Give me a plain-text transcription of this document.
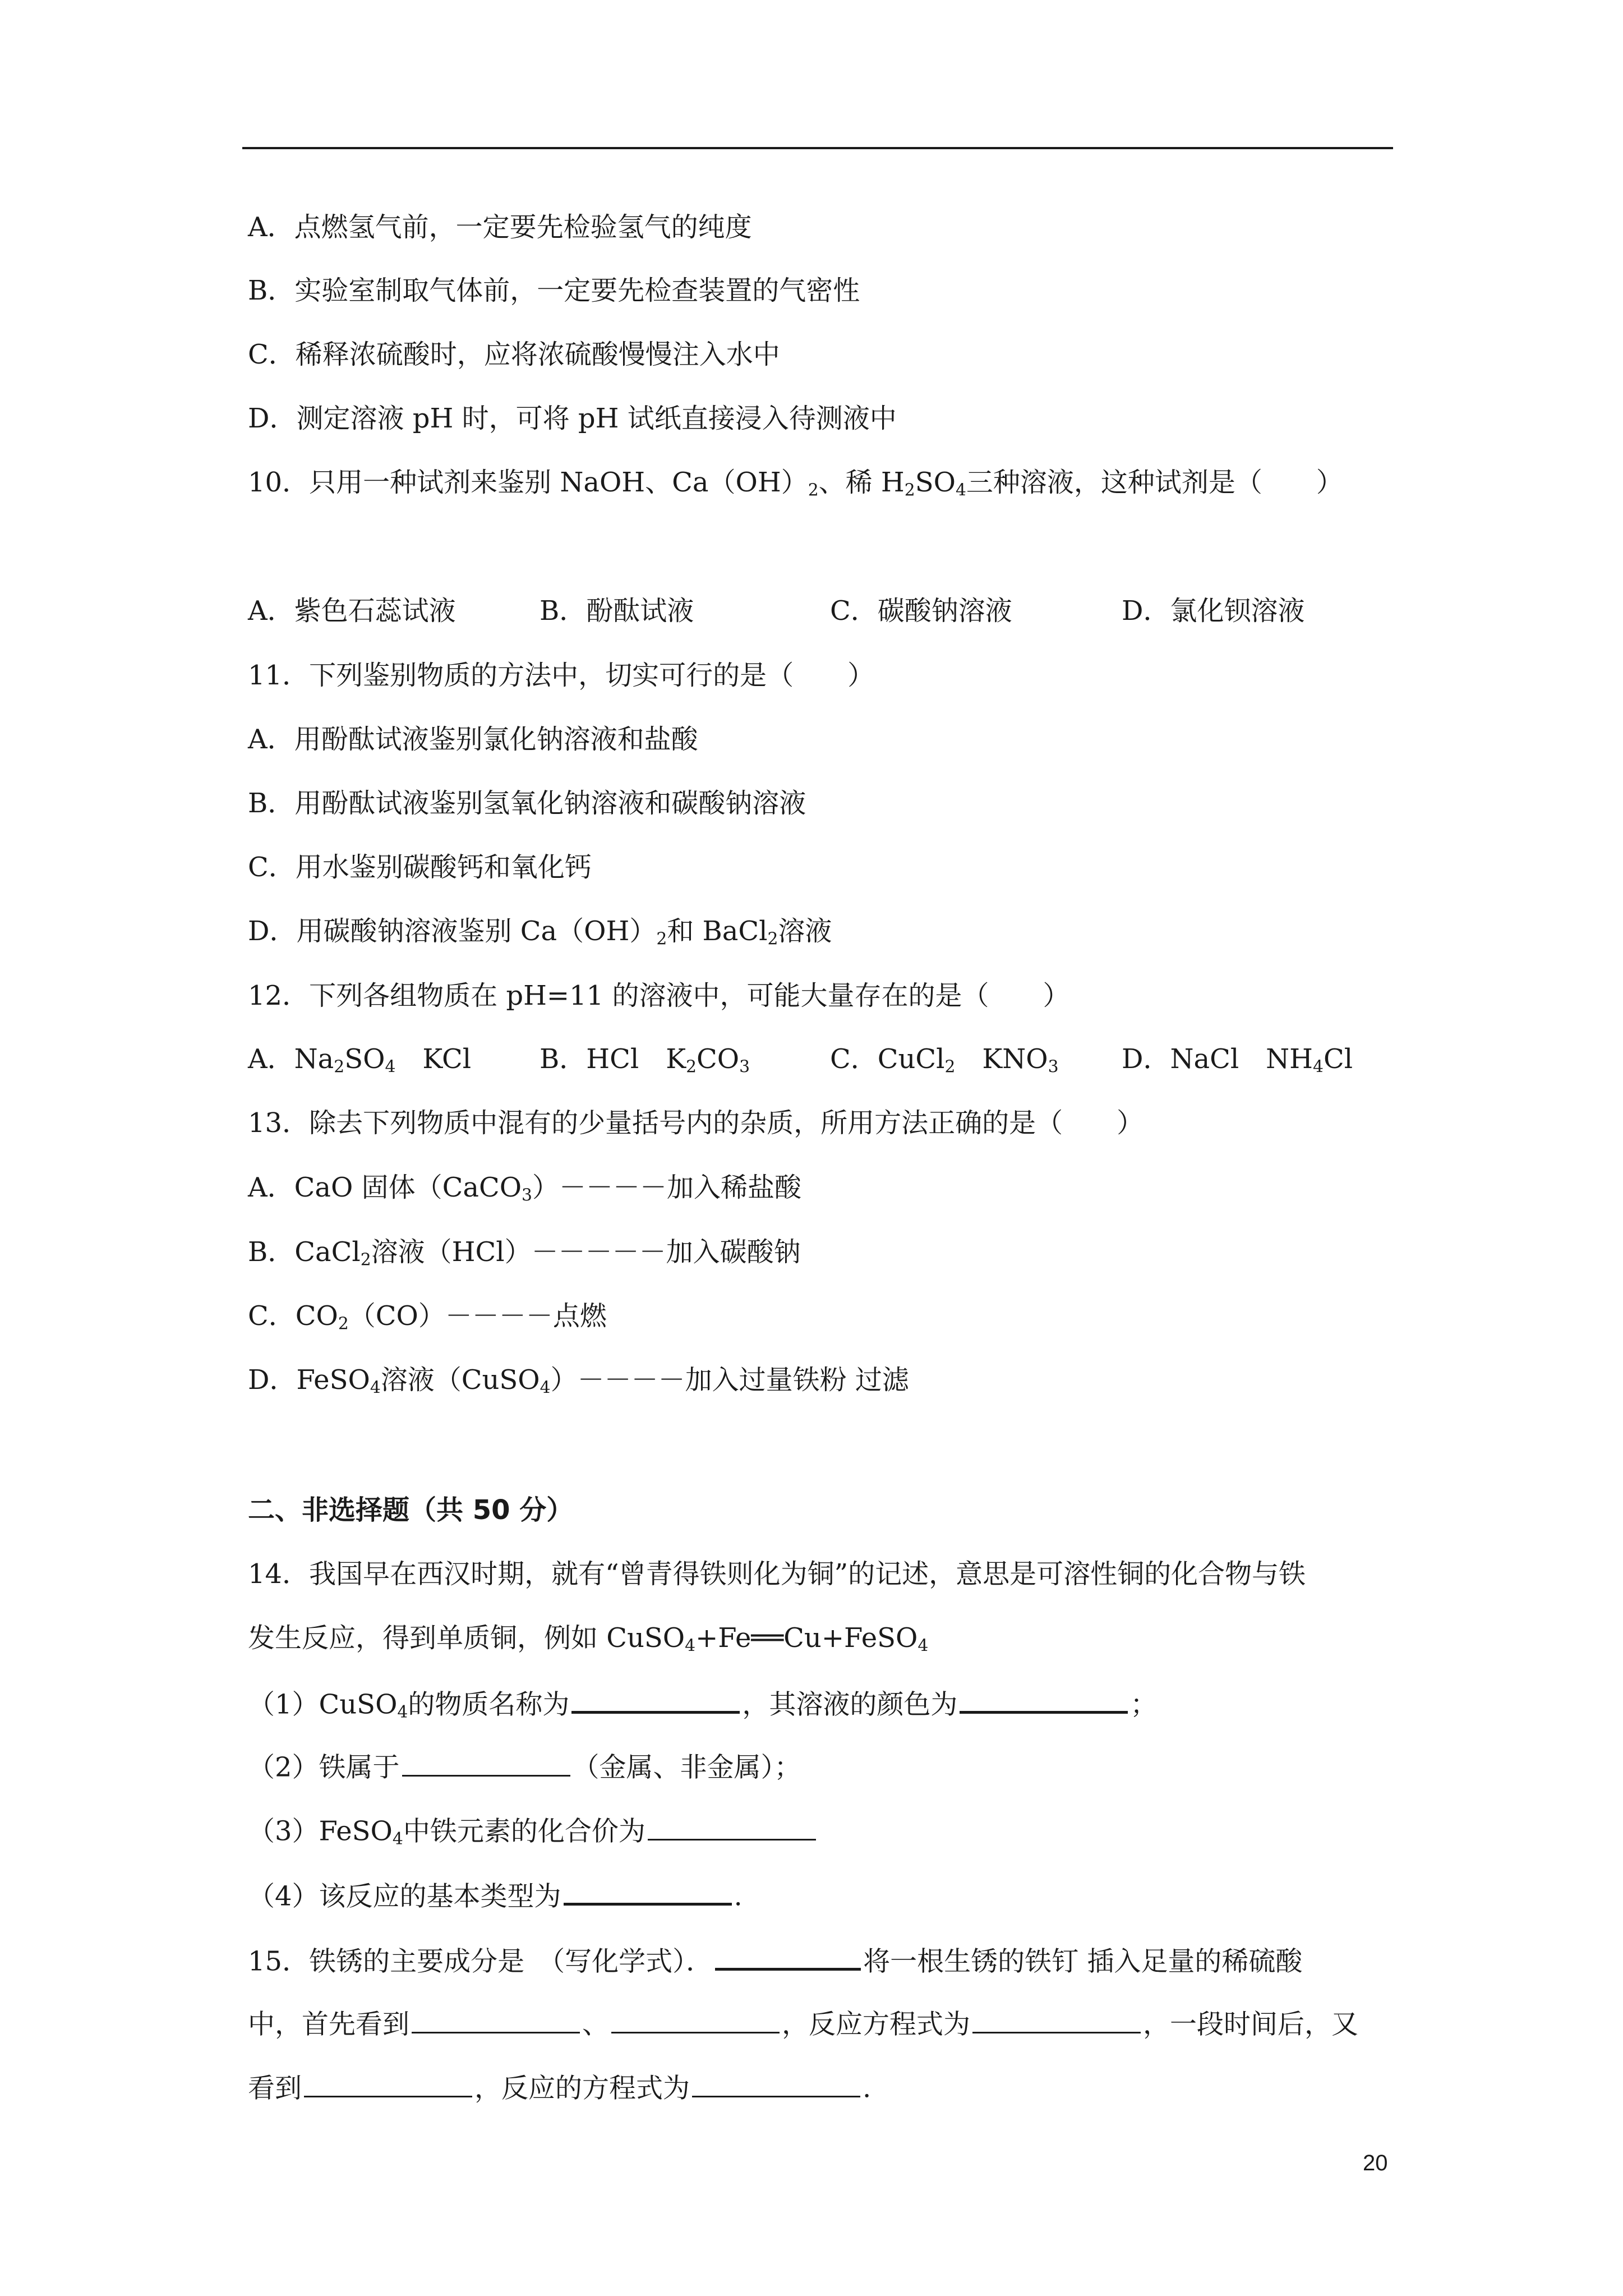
A．点燃氢气前，一定要先检验氢气的纯度
B．实验室制取气体前，一定要先检查装置的气密性
C．稀释浓硫酸时，应将浓硫酸慢慢注入水中
D．测定溶液 pH 时，可将 pH 试纸直接浸入待测液中
10．只用一种试剂来鉴别 NaOH、$Ca(OH)_2$、稀 $H_2SO_4$三种溶液，这种试剂是（　　）
A．紫色石蕊试液	B．酚酞试液	C．碳酸钠溶液	D．氯化钡溶液
11．下列鉴别物质的方法中，切实可行的是（　　）
A．用酚酞试液鉴别氯化钠溶液和盐酸
B．用酚酞试液鉴别氢氧化钠溶液和碳酸钠溶液
C．用水鉴别碳酸钙和氧化钙
D．用碳酸钠溶液鉴别 $Ca(OH)_2$和 BaCl$_2$溶液
12．下列各组物质在 pH=11 的溶液中，可能大量存在的是（　　）
A．$Na_2SO_4$　KCl	B．HCl　$K_2CO_3$	C．CuCl$_2$　$KNO_3$ D．NaCl　$NH_4Cl$
13．除去下列物质中混有的少量括号内的杂质，所用方法正确的是（　　）
A．CaO 固体（CaCO$_3$）－－－－加入稀盐酸
B．CaCl$_2$溶液（HCl）－－－－－加入碳酸钠
C．$CO_2(CO)----$点燃
D．FeSO$_4$溶液（CuSO$_4$）－－－－加入过量铁粉 过滤
二、非选择题（共 50 分）
14．我国早在西汉时期，就有“曾青得铁则化为铜”的记述，意思是可溶性铜的化合物与铁
发生反应，得到单质铜，例如 CuSO$_4$+Fe══Cu+FeSO$_4$
（1）CuSO$_4$的物质名称为	，其溶液的颜色为	；
（2）铁属于	（金属、非金属）；
（3）FeSO$_4$中铁元素的化合价为
（4）该反应的基本类型为	.
15．铁锈的主要成分是　（写化学式）．	将一根生锈的铁钉 插入足量的稀硫酸
中，首先看到	、	，反应方程式为	，一段时间后，又
看到	，反应的方程式为	.
20
